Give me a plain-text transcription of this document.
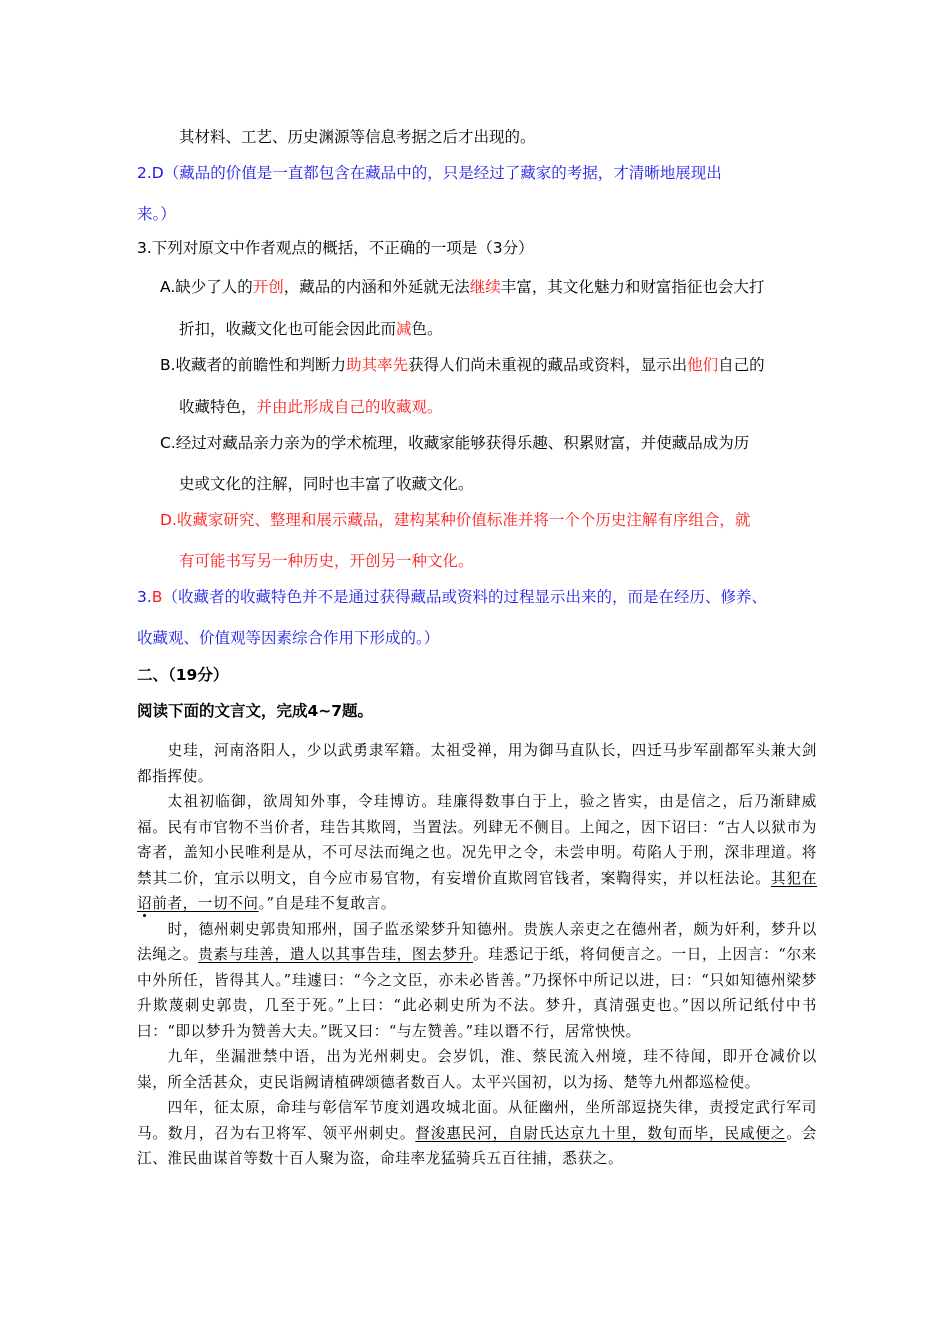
其材料、工艺、历史渊源等信息考据之后才出现的。
2.D（藏品的价值是一直都包含在藏品中的，只是经过了藏家的考据，才清晰地展现出
来。）
3.下列对原文中作者观点的概括，不正确的一项是（3分）
A.缺少了人的开创，藏品的内涵和外延就无法继续丰富，其文化魅力和财富指征也会大打
折扣，收藏文化也可能会因此而减色。
B.收藏者的前瞻性和判断力助其率先获得人们尚未重视的藏品或资料，显示出他们自己的
收藏特色，并由此形成自己的收藏观。
C.经过对藏品亲力亲为的学术梳理，收藏家能够获得乐趣、积累财富，并使藏品成为历
史或文化的注解，同时也丰富了收藏文化。
D.收藏家研究、整理和展示藏品，建构某种价值标准并将一个个历史注解有序组合，就
有可能书写另一种历史，开创另一种文化。
3.B（收藏者的收藏特色并不是通过获得藏品或资料的过程显示出来的，而是在经历、修养、
收藏观、价值观等因素综合作用下形成的。）
二、（19分）
阅读下面的文言文，完成4~7题。

史珪，河南洛阳人，少以武勇隶军籍。太祖受禅，用为御马直队长，四迁马步军副都军头兼大剑都指挥使。

太祖初临御，欲周知外事，令珪博访。珪廉得数事白于上，验之皆实，由是信之，后乃渐肆威福。民有市官物不当价者，珪告其欺罔，当置法。列肆无不侧目。上闻之，因下诏曰：“古人以狱市为寄者，盖知小民唯利是从，不可尽法而绳之也。况先甲之令，未尝申明。苟陷人于刑，深非理道。将禁其二价，宜示以明文，自今应市易官物，有妄增价直欺罔官钱者，案鞫得实，并以枉法论。其犯在诏前者，一切不问。”自是珪不复敢言。

时，德州刺史郭贵知邢州，国子监丞梁梦升知德州。贵族人亲吏之在德州者，颇为奸利，梦升以法绳之。贵素与珪善，遣人以其事告珪，图去梦升。珪悉记于纸，将伺便言之。一日，上因言：“尔来中外所任，皆得其人。”珪遽曰：“今之文臣，亦未必皆善。”乃探怀中所记以进，曰：“只如知德州梁梦升欺蔑刺史郭贵，几至于死。”上曰：“此必刺史所为不法。梦升，真清强吏也。”因以所记纸付中书曰：“即以梦升为赞善大夫。”既又曰：“与左赞善。”珪以谮不行，居常怏怏。

九年，坐漏泄禁中语，出为光州刺史。会岁饥，淮、蔡民流入州境，珪不待闻，即开仓减价以粜，所全活甚众，吏民诣阙请植碑颂德者数百人。太平兴国初，以为扬、楚等九州都巡检使。

四年，征太原，命珪与彰信军节度刘遇攻城北面。从征幽州，坐所部逗挠失律，责授定武行军司马。数月，召为右卫将军、领平州刺史。督浚惠民河，自尉氏达京九十里，数旬而毕，民咸便之。会江、淮民曲谋首等数十百人聚为盗，命珪率龙猛骑兵五百往捕，悉获之。
